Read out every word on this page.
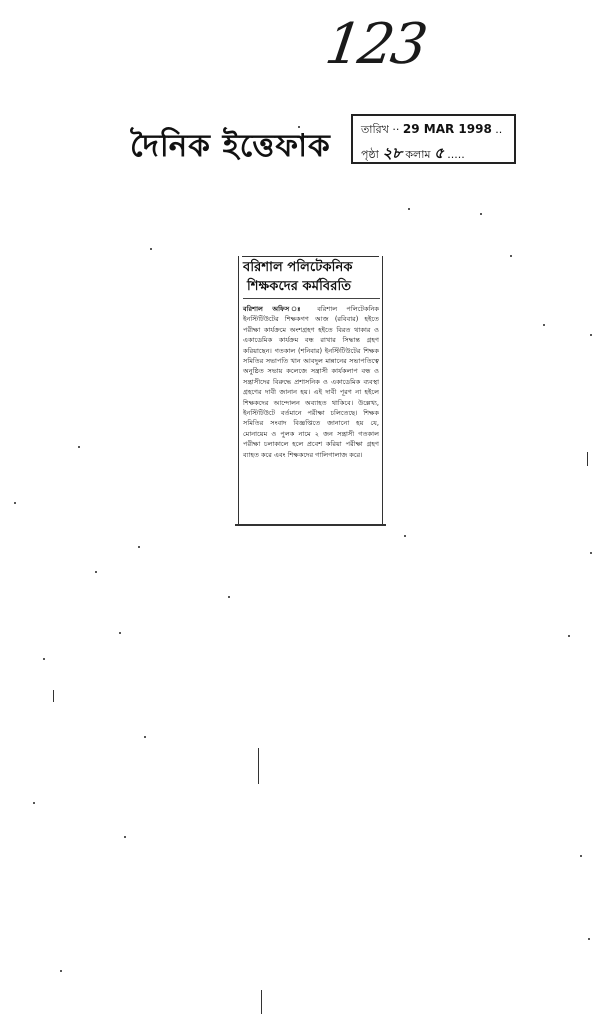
123
দৈনিক ইত্তেফাক	তারিখ ·· 29 MAR 1998 ..
পৃষ্ঠা ২৮ কলাম ৫ .....
বরিশাল পলিটেকনিক
শিক্ষকদের কর্মবিরতি
বরিশাল অফিস ঃ বরিশাল পলিটেকনিক ইনস্টিটিউটের শিক্ষকগণ আজ (রবিবার) হইতে পরীক্ষা কার্যক্রমে অংশগ্রহণ হইতে বিরত থাকার ও একাডেমিক কার্যক্রম বন্ধ রাখার সিদ্ধান্ত গ্রহণ করিয়াছেন। গতকাল (শনিবার) ইনস্টিটিউটের শিক্ষক সমিতির সভাপতি খান আবদুল মান্নানের সভাপতিত্বে অনুষ্ঠিত সভায় কলেজে সন্ত্রাসী কার্যকলাপ বন্ধ ও সন্ত্রাসীদের বিরুদ্ধে প্রশাসনিক ও একাডেমিক ব্যবস্থা গ্রহণের দাবী জানান হয়। এই দাবী পূরণ না হইলে শিক্ষকদের আন্দোলন অব্যাহত থাকিবে। উল্লেখ্য, ইনস্টিটিউটে বর্তমানে পরীক্ষা চলিতেছে। শিক্ষক সমিতির সংবাদ বিজ্ঞপ্তিতে জানানো হয় যে, মোনায়েম ও পুলক নামে ২ জন সন্ত্রাসী গতকাল পরীক্ষা চলাকালে হলে প্রবেশ করিয়া পরীক্ষা গ্রহণ ব্যাহত করে এবং শিক্ষকদের গালিগালাজ করে।
